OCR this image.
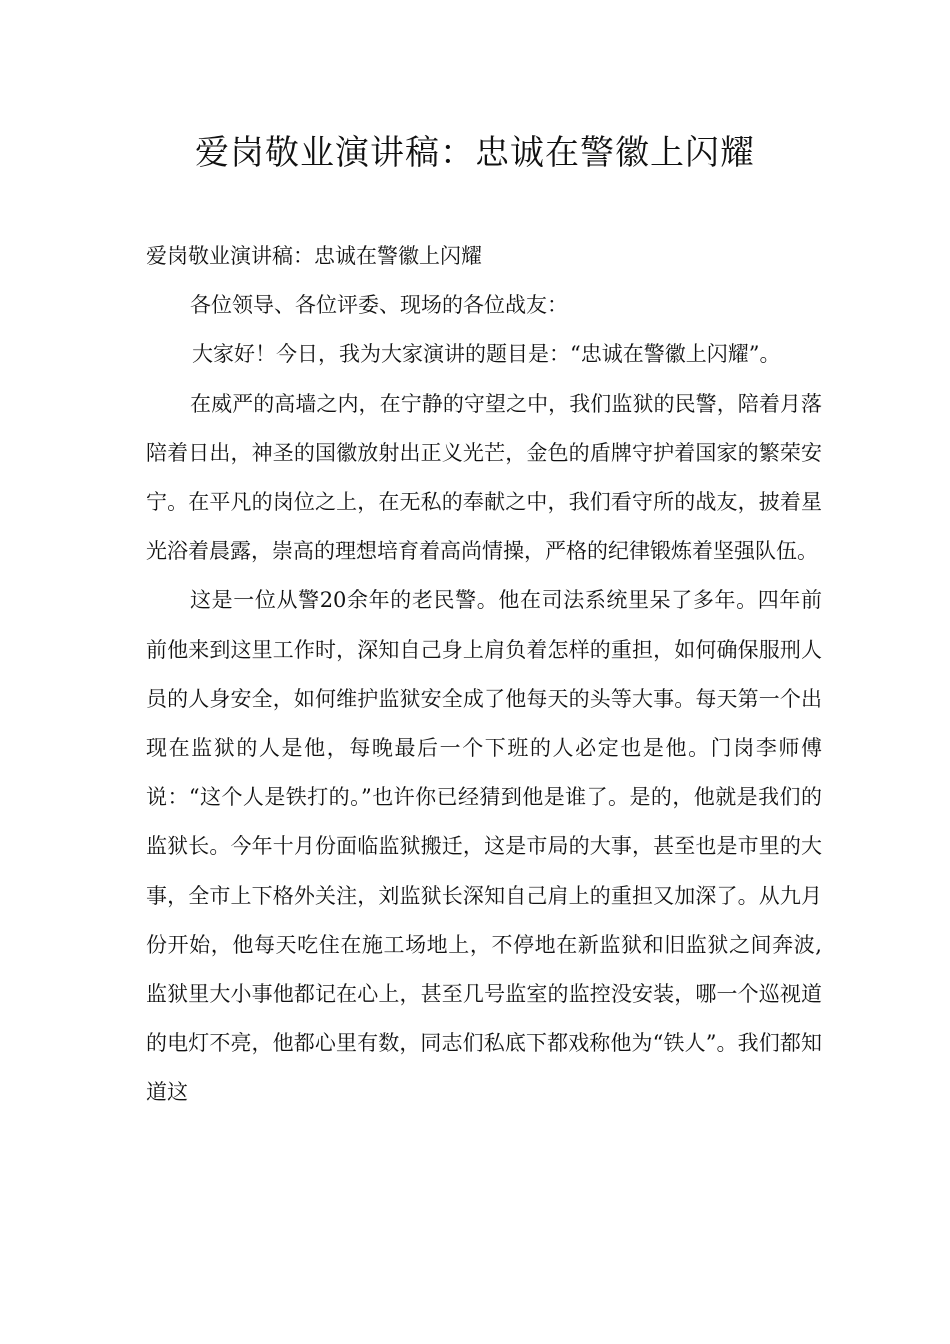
爱岗敬业演讲稿：忠诚在警徽上闪耀

爱岗敬业演讲稿：忠诚在警徽上闪耀

各位领导、各位评委、现场的各位战友：

大家好！今日，我为大家演讲的题目是：“忠诚在警徽上闪耀”。

在威严的高墙之内，在宁静的守望之中，我们监狱的民警，陪着月落陪着日出，神圣的国徽放射出正义光芒，金色的盾牌守护着国家的繁荣安宁。在平凡的岗位之上，在无私的奉献之中，我们看守所的战友，披着星光浴着晨露，崇高的理想培育着高尚情操，严格的纪律锻炼着坚强队伍。

这是一位从警20余年的老民警。他在司法系统里呆了多年。四年前前他来到这里工作时，深知自己身上肩负着怎样的重担，如何确保服刑人员的人身安全，如何维护监狱安全成了他每天的头等大事。每天第一个出现在监狱的人是他，每晚最后一个下班的人必定也是他。门岗李师傅说：“这个人是铁打的。”也许你已经猜到他是谁了。是的，他就是我们的监狱长。今年十月份面临监狱搬迁，这是市局的大事，甚至也是市里的大事，全市上下格外关注，刘监狱长深知自己肩上的重担又加深了。从九月份开始，他每天吃住在施工场地上，不停地在新监狱和旧监狱之间奔波,监狱里大小事他都记在心上，甚至几号监室的监控没安装，哪一个巡视道的电灯不亮，他都心里有数，同志们私底下都戏称他为“铁人”。我们都知道这
